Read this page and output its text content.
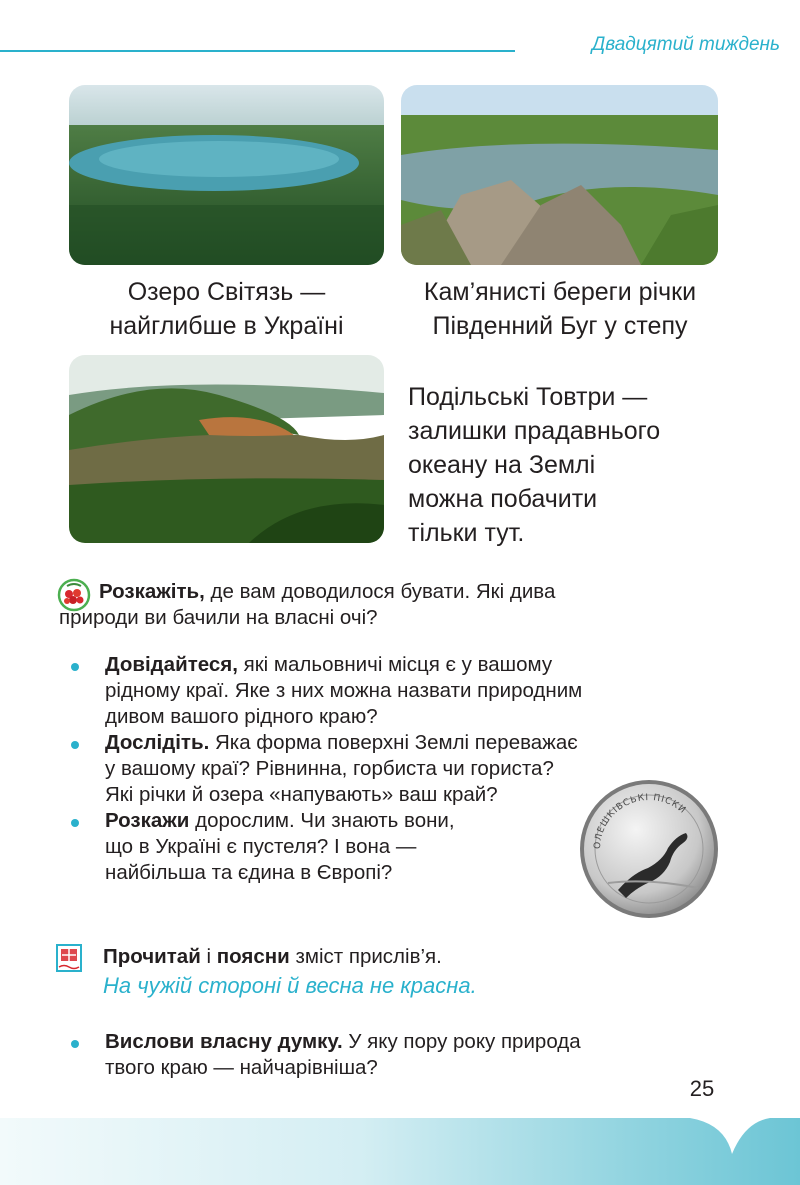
Двадцятий тиждень
Озеро Світязь —
найглибше в Україні
Кам’янисті береги річки
Південний Буг у степу
Подільські Товтри —
залишки прадавнього
океану на Землі
можна побачити
тільки тут.
Розкажіть, де вам доводилося бувати. Які дива
природи ви бачили на власні очі?
Довідайтеся, які мальовничі місця є у вашому
рідному краї. Яке з них можна назвати природним
дивом вашого рідного краю?
Дослідіть. Яка форма поверхні Землі переважає
у вашому краї? Рівнинна, горбиста чи гориста?
Які річки й озера «напувають» ваш край?
Розкажи дорослим. Чи знають вони,
що в Україні є пустеля? І вона —
найбільша та єдина в Європі?
ОЛЕШКІВСЬКІ ПІСКИ
Прочитай і поясни зміст прислів’я.
На чужій стороні й весна не красна.
Вислови власну думку. У яку пору року природа
твого краю — найчарівніша?
25
